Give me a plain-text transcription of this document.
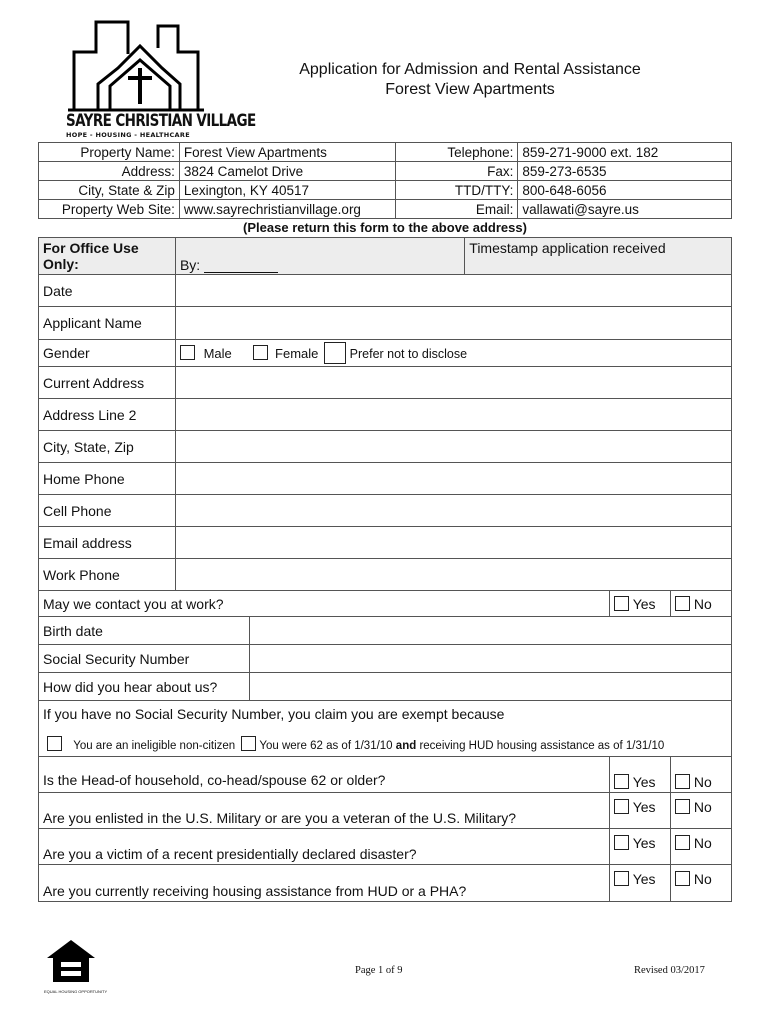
SAYRE CHRISTIAN VILLAGE
HOPE - HOUSING - HEALTHCARE
Application for Admission and Rental Assistance
Forest View Apartments
Property Name:	Forest View Apartments	Telephone:	859-271-9000 ext. 182
Address:	3824 Camelot Drive	Fax:	859-273-6535
City, State & Zip	Lexington, KY 40517	TTD/TTY:	800-648-6056
Property Web Site:	www.sayrechristianvillage.org	Email:	vallawati@sayre.us
(Please return this form to the above address)
For Office Use Only:	By:		Timestamp application received		
Date					
Applicant Name					
Gender	Male Female Prefer not to disclose				
Current Address					
Address Line 2					
City, State, Zip					
Home Phone					
Cell Phone					
Email address					
Work Phone					
May we contact you at work?				Yes	No
Birth date					
Social Security Number					
How did you hear about us?					

If you have no Social Security Number, you claim you are exempt because
You are an ineligible non-citizen You were 62 as of 1/31/10 and receiving HUD housing assistance as of 1/31/10					

Is the Head-of household, co-head/spouse 62 or older?				Yes	No
Are you enlisted in the U.S. Military or are you a veteran of the U.S. Military?				Yes	No
Are you a victim of a recent presidentially declared disaster?				Yes	No
Are you currently receiving housing assistance from HUD or a PHA?				Yes	No
EQUAL HOUSING OPPORTUNITY
Page 1 of 9	Revised 03/2017
